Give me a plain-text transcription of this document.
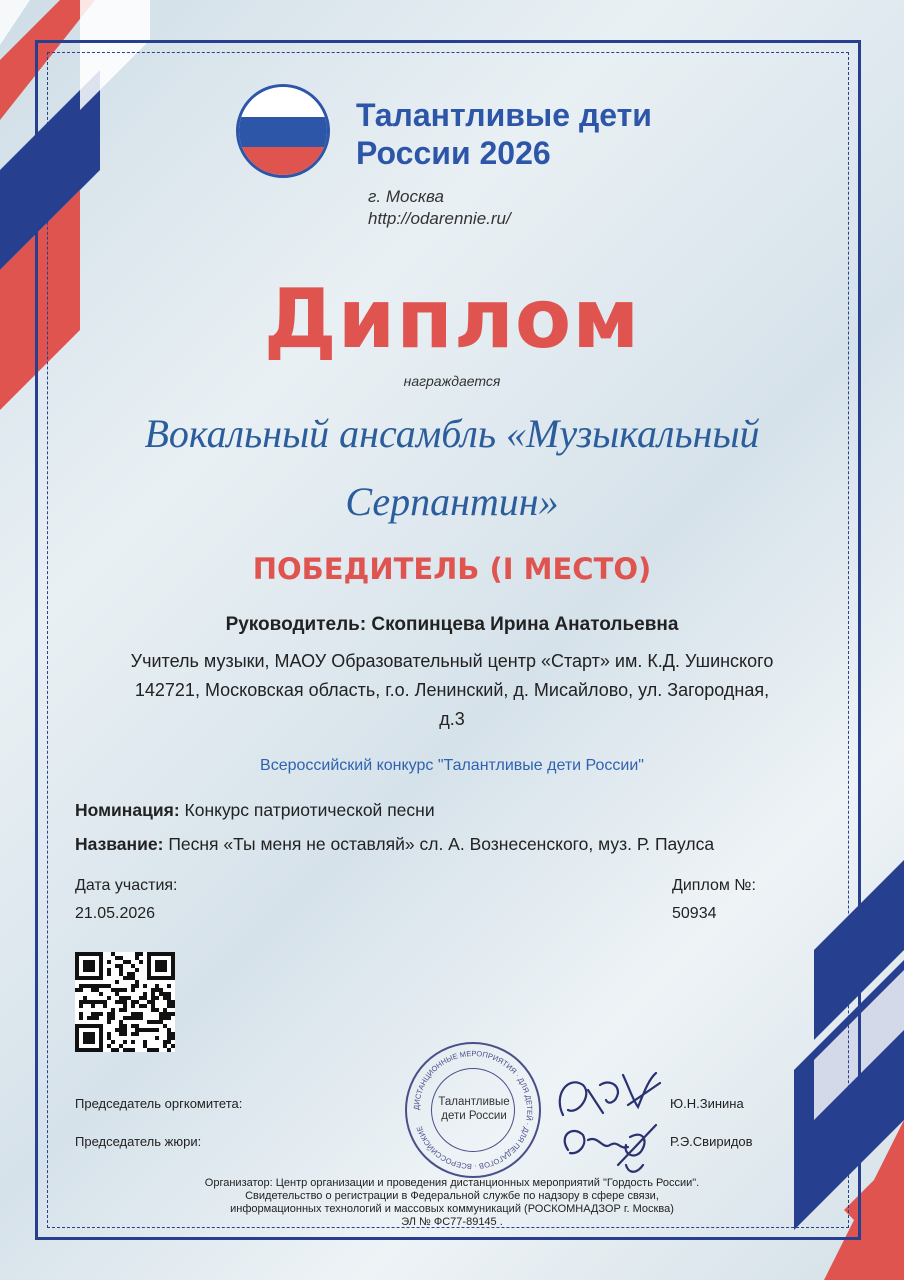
Талантливые дети
России 2026
г. Москва
http://odarennie.ru/
Диплом
награждается
Вокальный ансамбль «Музыкальный
Серпантин»
ПОБЕДИТЕЛЬ (I МЕСТО)
Руководитель: Скопинцева Ирина Анатольевна
Учитель музыки, МАОУ Образовательный центр «Старт» им. К.Д. Ушинского
142721, Московская область, г.о. Ленинский, д. Мисайлово, ул. Загородная,
д.3
Всероссийский конкурс "Талантливые дети России"
Номинация: Конкурс патриотической песни
Название: Песня «Ты меня не оставляй» сл. А. Вознесенского, муз. Р. Паулса
Дата участия:
21.05.2026
Диплом №:
50934
ДИСТАНЦИОННЫЕ МЕРОПРИЯТИЯ · ДЛЯ ДЕТЕЙ · ДЛЯ ПЕДАГОГОВ · ВСЕРОССИЙСКИЕ
Талантливые
дети России
Председатель оргкомитета:	Ю.Н.Зинина
Председатель жюри:	Р.Э.Свиридов
Организатор: Центр организации и проведения дистанционных мероприятий "Гордость России".
Свидетельство о регистрации в Федеральной службе по надзору в сфере связи,
информационных технологий и массовых коммуникаций (РОСКОМНАДЗОР г. Москва)
ЭЛ № ФС77-89145 .
